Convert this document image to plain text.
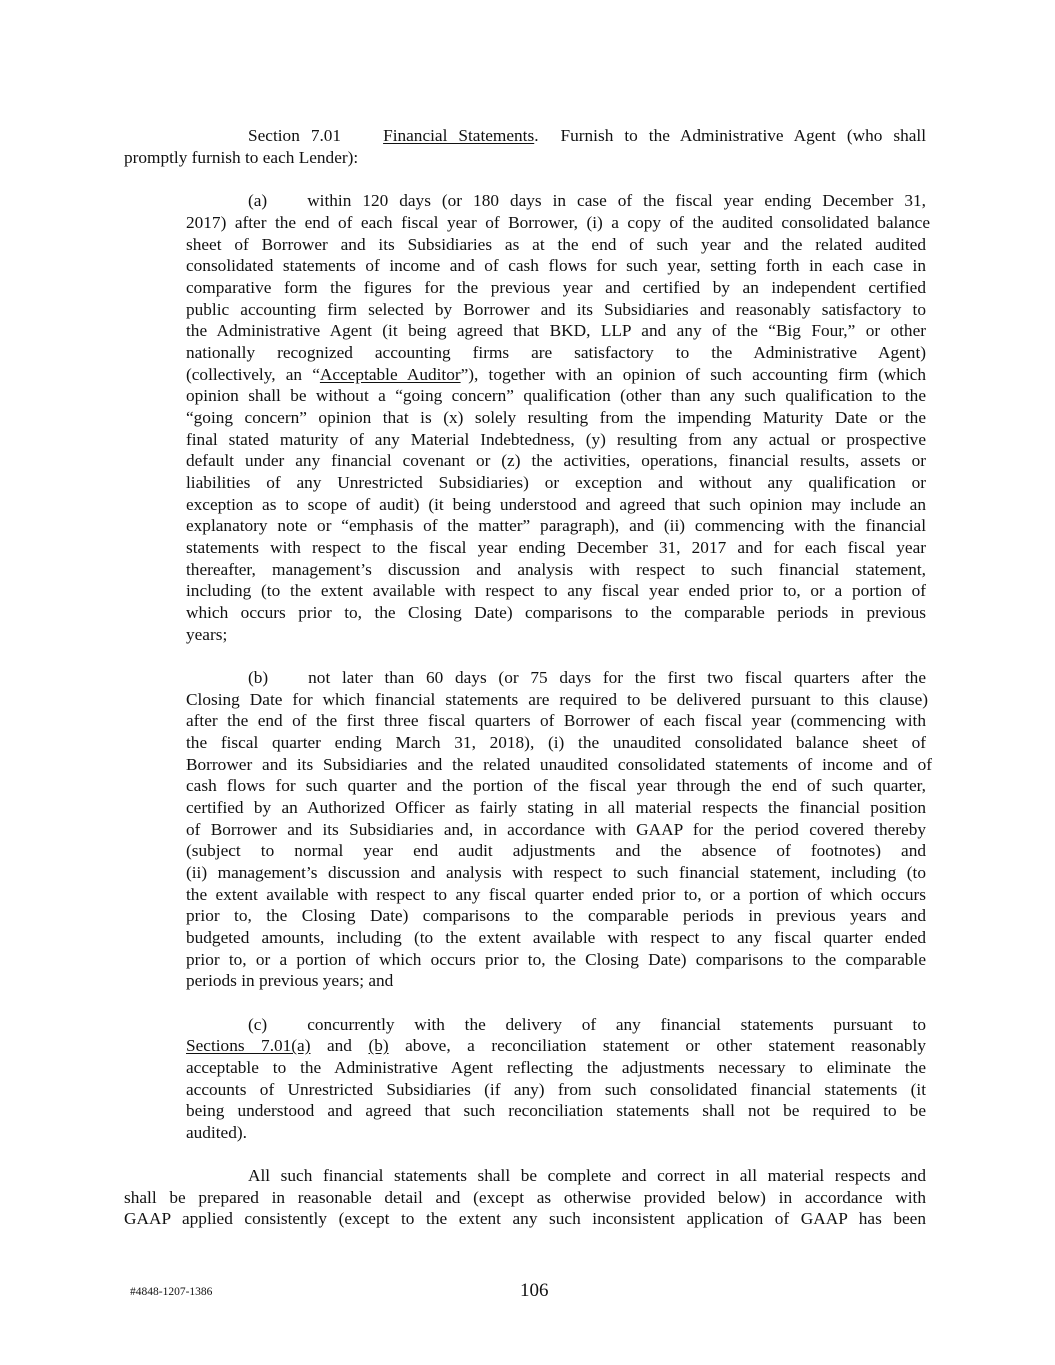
Section 7.01 Financial Statements.  Furnish to the Administrative Agent (who shall
promptly furnish to each Lender):
(a) within 120 days (or 180 days in case of the fiscal year ending December 31,
2017) after the end of each fiscal year of Borrower, (i) a copy of the audited consolidated balance
sheet of Borrower and its Subsidiaries as at the end of such year and the related audited
consolidated statements of income and of cash flows for such year, setting forth in each case in
comparative form the figures for the previous year and certified by an independent certified
public accounting firm selected by Borrower and its Subsidiaries and reasonably satisfactory to
the Administrative Agent (it being agreed that BKD, LLP and any of the “Big Four,” or other
nationally recognized accounting firms are satisfactory to the Administrative Agent)
(collectively, an “Acceptable Auditor”), together with an opinion of such accounting firm (which
opinion shall be without a “going concern” qualification (other than any such qualification to the
“going concern” opinion that is (x) solely resulting from the impending Maturity Date or the
final stated maturity of any Material Indebtedness, (y) resulting from any actual or prospective
default under any financial covenant or (z) the activities, operations, financial results, assets or
liabilities of any Unrestricted Subsidiaries) or exception and without any qualification or
exception as to scope of audit) (it being understood and agreed that such opinion may include an
explanatory note or “emphasis of the matter” paragraph), and (ii) commencing with the financial
statements with respect to the fiscal year ending December 31, 2017 and for each fiscal year
thereafter, management’s discussion and analysis with respect to such financial statement,
including (to the extent available with respect to any fiscal year ended prior to, or a portion of
which occurs prior to, the Closing Date) comparisons to the comparable periods in previous
years;
(b) not later than 60 days (or 75 days for the first two fiscal quarters after the
Closing Date for which financial statements are required to be delivered pursuant to this clause)
after the end of the first three fiscal quarters of Borrower of each fiscal year (commencing with
the fiscal quarter ending March 31, 2018), (i) the unaudited consolidated balance sheet of
Borrower and its Subsidiaries and the related unaudited consolidated statements of income and of
cash flows for such quarter and the portion of the fiscal year through the end of such quarter,
certified by an Authorized Officer as fairly stating in all material respects the financial position
of Borrower and its Subsidiaries and, in accordance with GAAP for the period covered thereby
(subject to normal year end audit adjustments and the absence of footnotes) and
(ii) management’s discussion and analysis with respect to such financial statement, including (to
the extent available with respect to any fiscal quarter ended prior to, or a portion of which occurs
prior to, the Closing Date) comparisons to the comparable periods in previous years and
budgeted amounts, including (to the extent available with respect to any fiscal quarter ended
prior to, or a portion of which occurs prior to, the Closing Date) comparisons to the comparable
periods in previous years; and
(c) concurrently with the delivery of any financial statements pursuant to
Sections 7.01(a) and (b) above, a reconciliation statement or other statement reasonably
acceptable to the Administrative Agent reflecting the adjustments necessary to eliminate the
accounts of Unrestricted Subsidiaries (if any) from such consolidated financial statements (it
being understood and agreed that such reconciliation statements shall not be required to be
audited).
All such financial statements shall be complete and correct in all material respects and
shall be prepared in reasonable detail and (except as otherwise provided below) in accordance with
GAAP applied consistently (except to the extent any such inconsistent application of GAAP has been
#4848-1207-1386	106
